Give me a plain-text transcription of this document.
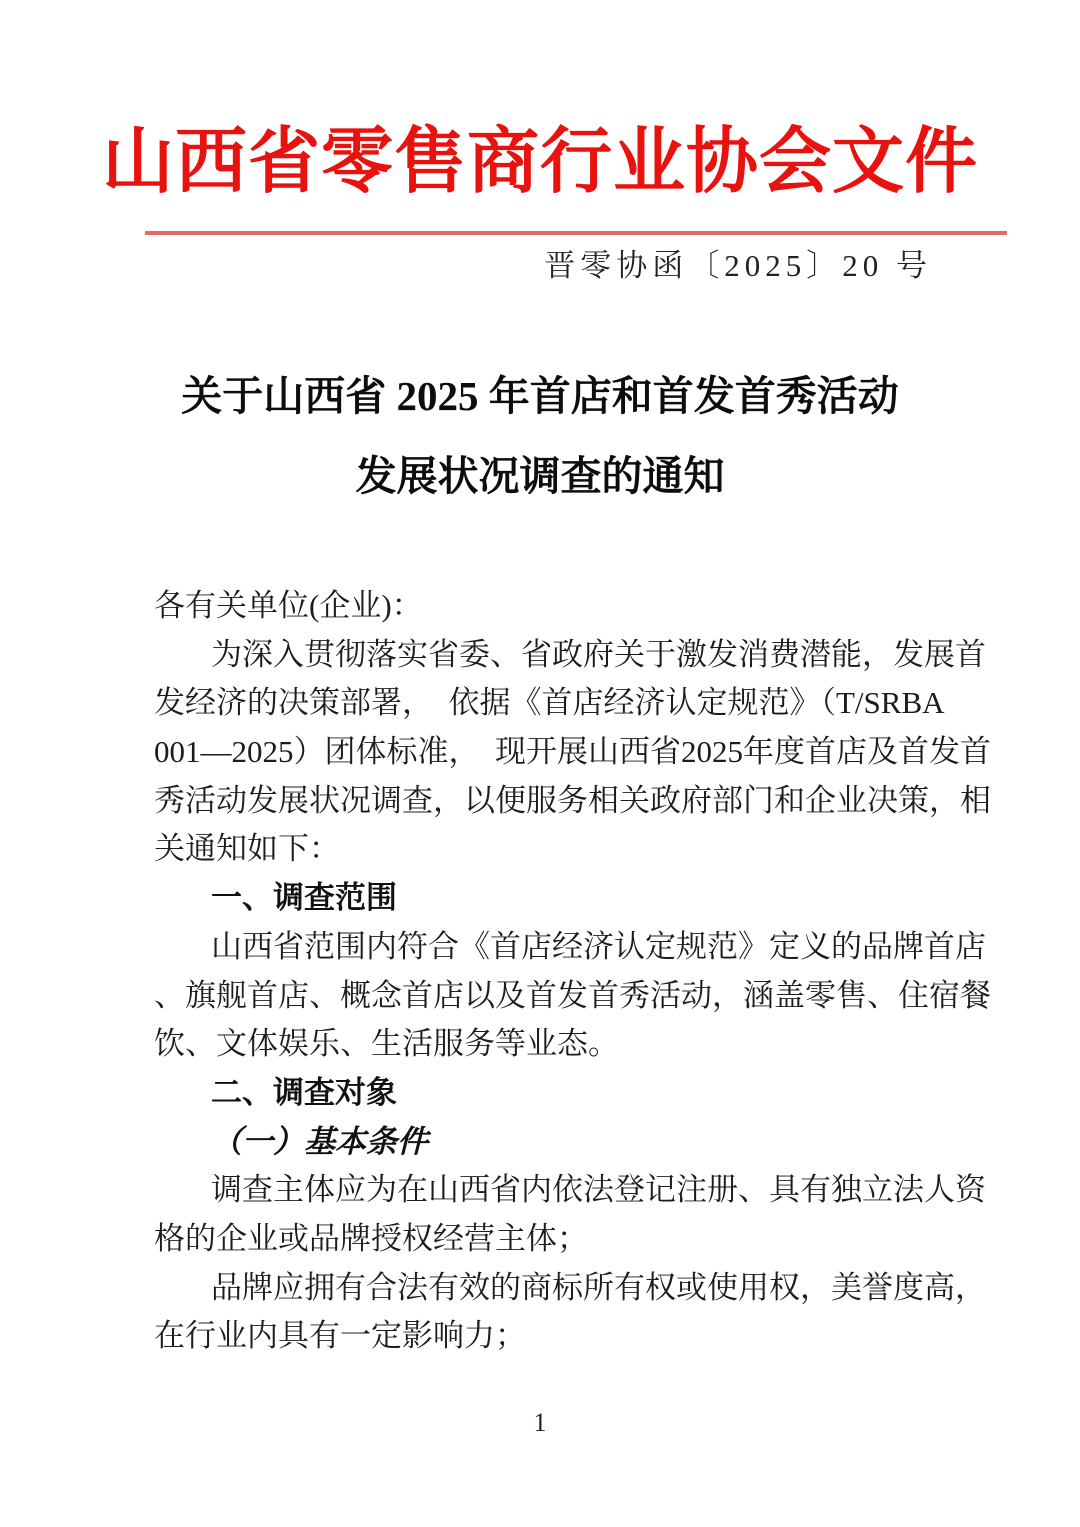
山西省零售商行业协会文件
晋零协函〔2025〕20 号
关于山西省 2025 年首店和首发首秀活动
发展状况调查的通知
各有关单位(企业)：
为深入贯彻落实省委、省政府关于激发消费潜能，发展首
发经济的决策部署，　依据《首店经济认定规范》（T/SRBA
001—2025）团体标准，　现开展山西省2025年度首店及首发首
秀活动发展状况调查，以便服务相关政府部门和企业决策，相
关通知如下：
一、调查范围
山西省范围内符合《首店经济认定规范》定义的品牌首店
、旗舰首店、概念首店以及首发首秀活动，涵盖零售、住宿餐
饮、文体娱乐、生活服务等业态。
二、调查对象
（一）基本条件
调查主体应为在山西省内依法登记注册、具有独立法人资
格的企业或品牌授权经营主体；
品牌应拥有合法有效的商标所有权或使用权，美誉度高，
在行业内具有一定影响力；
1
